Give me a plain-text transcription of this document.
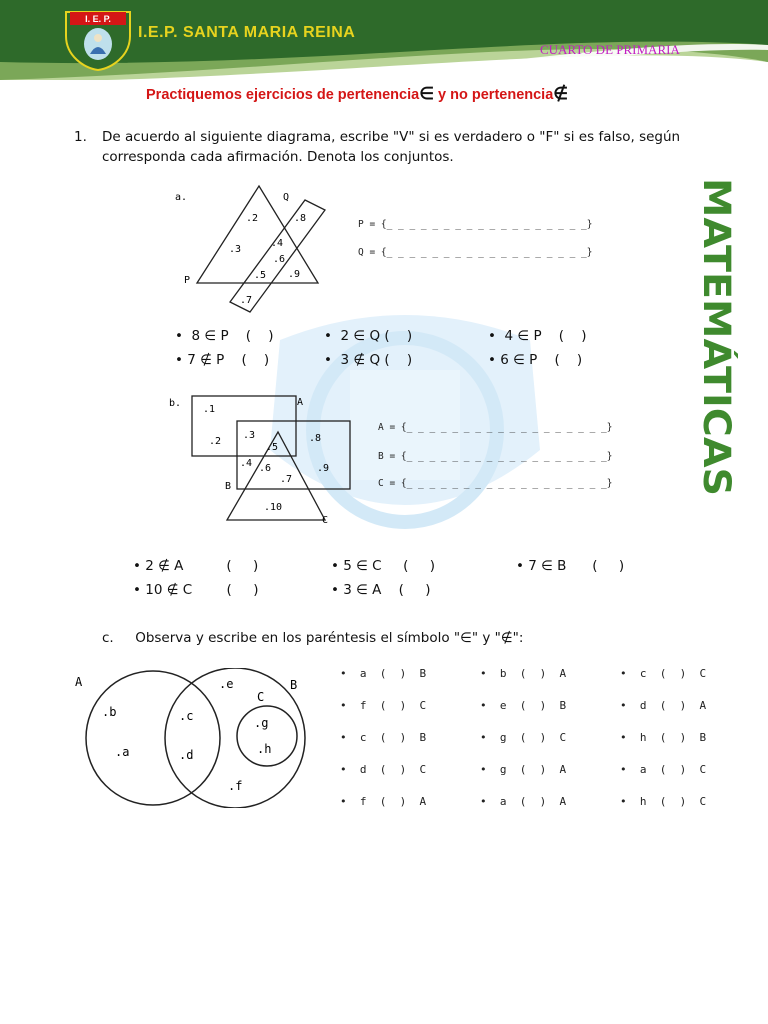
I. E. P.
I.E.P. SANTA MARIA REINA
CUARTO DE PRIMARIA
Practiquemos ejercicios de pertenencia∈ y no pertenencia∉
MATEMÁTICAS
1. De acuerdo al siguiente diagrama, escribe "V" si es verdadero o "F" si es falso, según corresponda cada afirmación. Denota los conjuntos.
a.
P
Q
.2	.8
.3
.4
.6
.5 .9
.7
P = {_ _ _ _ _ _ _ _ _ _ _ _ _ _ _ _ _ _}
Q = {_ _ _ _ _ _ _ _ _ _ _ _ _ _ _ _ _ _}
•  8 ∈ P    (    )	•  2 ∈ Q (    )	•  4 ∈ P    (    )
• 7 ∉ P    (    )	•  3 ∉ Q (    )	• 6 ∈ P    (    )
b.	A
B
C
.1
.2
.3
.5
.8
.4 .6	.9
.7
.10
A = {_ _ _ _ _ _ _ _ _ _ _ _ _ _ _ _ _ _}
B = {_ _ _ _ _ _ _ _ _ _ _ _ _ _ _ _ _ _}
C = {_ _ _ _ _ _ _ _ _ _ _ _ _ _ _ _ _ _}
• 2 ∉ A          (     )	• 5 ∈ C     (     )	• 7 ∈ B      (     )
• 10 ∉ C        (     )	• 3 ∈ A    (     )
c. Observa y escribe en los paréntesis el símbolo "∈" y "∉":
A	B
C
.b
.a
.c
.d
.e
.f
.g
.h
•  a  (  )  B	•  b  (  )  A	•  c  (  )  C
•  f  (  )  C	•  e  (  )  B	•  d  (  )  A
•  c  (  )  B	•  g  (  )  C	•  h  (  )  B
•  d  (  )  C	•  g  (  )  A	•  a  (  )  C
•  f  (  )  A	•  a  (  )  A	•  h  (  )  C
